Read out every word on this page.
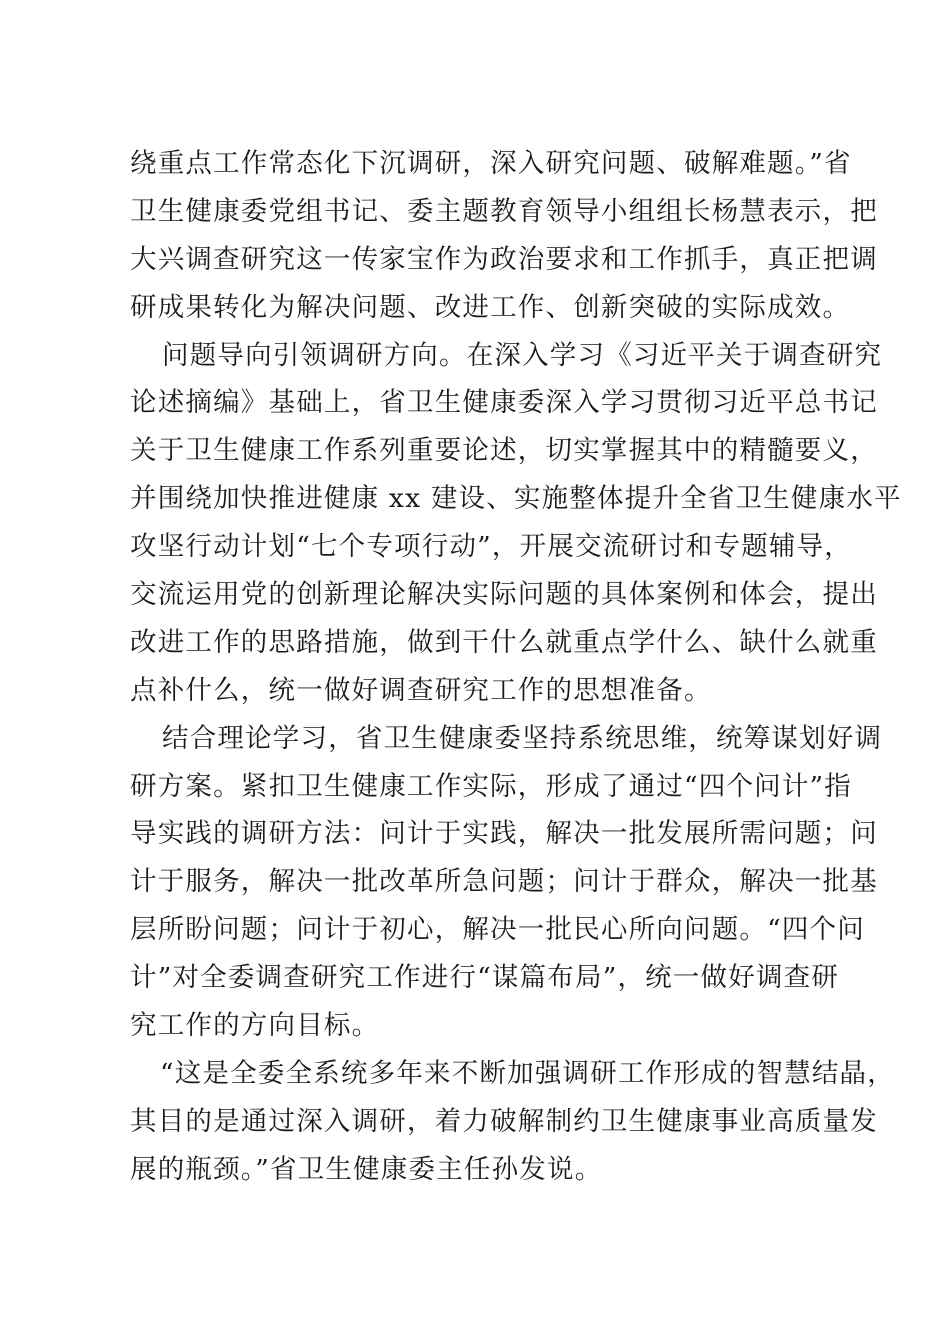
绕重点工作常态化下沉调研，深入研究问题、破解难题。”省
卫生健康委党组书记、委主题教育领导小组组长杨慧表示，把
大兴调查研究这一传家宝作为政治要求和工作抓手，真正把调
研成果转化为解决问题、改进工作、创新突破的实际成效。
问题导向引领调研方向。在深入学习《习近平关于调查研究
论述摘编》基础上，省卫生健康委深入学习贯彻习近平总书记
关于卫生健康工作系列重要论述，切实掌握其中的精髓要义，
并围绕加快推进健康 xx 建设、实施整体提升全省卫生健康水平
攻坚行动计划“七个专项行动”，开展交流研讨和专题辅导，
交流运用党的创新理论解决实际问题的具体案例和体会，提出
改进工作的思路措施，做到干什么就重点学什么、缺什么就重
点补什么，统一做好调查研究工作的思想准备。
结合理论学习，省卫生健康委坚持系统思维，统筹谋划好调
研方案。紧扣卫生健康工作实际，形成了通过“四个问计”指
导实践的调研方法：问计于实践，解决一批发展所需问题；问
计于服务，解决一批改革所急问题；问计于群众，解决一批基
层所盼问题；问计于初心，解决一批民心所向问题。“四个问
计”对全委调查研究工作进行“谋篇布局”，统一做好调查研
究工作的方向目标。
“这是全委全系统多年来不断加强调研工作形成的智慧结晶，
其目的是通过深入调研，着力破解制约卫生健康事业高质量发
展的瓶颈。”省卫生健康委主任孙发说。
